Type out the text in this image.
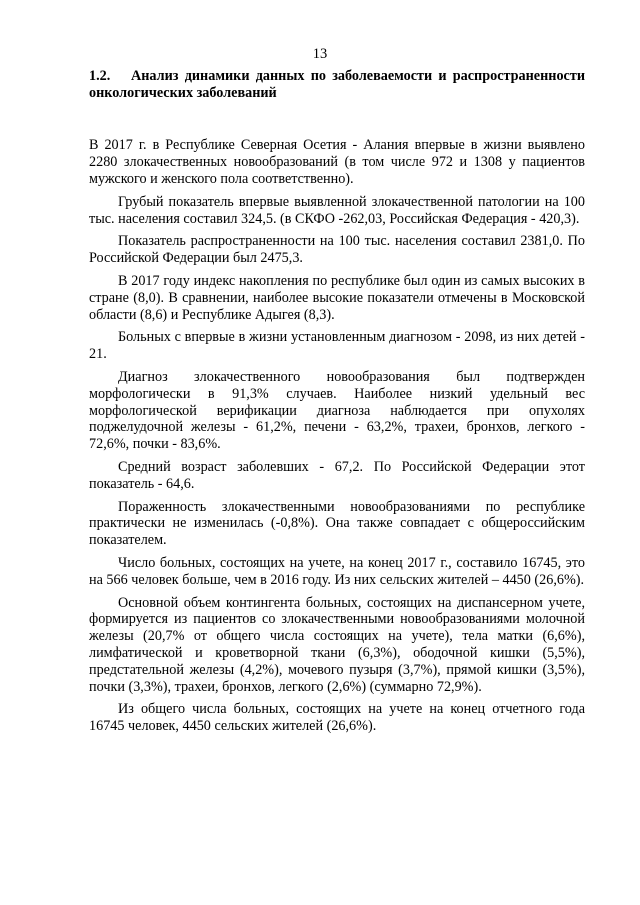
13
1.2. Анализ динамики данных по заболеваемости и распространенности онкологических заболеваний

В 2017 г. в Республике Северная Осетия - Алания впервые в жизни выявлено 2280 злокачественных новообразований (в том числе 972 и 1308 у пациентов мужского и женского пола соответственно).

Грубый показатель впервые выявленной злокачественной патологии на 100 тыс. населения составил 324,5. (в СКФО -262,03, Российская Федерация - 420,3).

Показатель распространенности на 100 тыс. населения составил 2381,0. По Российской Федерации был 2475,3.

В 2017 году индекс накопления по республике был один из самых высоких в стране (8,0). В сравнении, наиболее высокие показатели отмечены в Московской области (8,6) и Республике Адыгея (8,3).

Больных с впервые в жизни установленным диагнозом - 2098, из них детей - 21.

Диагноз злокачественного новообразования был подтвержден морфологически в 91,3% случаев. Наиболее низкий удельный вес морфологической верификации диагноза наблюдается при опухолях поджелудочной железы - 61,2%, печени - 63,2%, трахеи, бронхов, легкого - 72,6%, почки - 83,6%.

Средний возраст заболевших - 67,2. По Российской Федерации этот показатель - 64,6.

Пораженность злокачественными новообразованиями по республике практически не изменилась (-0,8%). Она также совпадает с общероссийским показателем.

Число больных, состоящих на учете, на конец 2017 г., составило 16745, это на 566 человек больше, чем в 2016 году. Из них сельских жителей – 4450 (26,6%).

Основной объем контингента больных, состоящих на диспансерном учете, формируется из пациентов со злокачественными новообразованиями молочной железы (20,7% от общего числа состоящих на учете), тела матки (6,6%), лимфатической и кроветворной ткани (6,3%), ободочной кишки (5,5%), предстательной железы (4,2%), мочевого пузыря (3,7%), прямой кишки (3,5%), почки (3,3%), трахеи, бронхов, легкого (2,6%) (суммарно 72,9%).

Из общего числа больных, состоящих на учете на конец отчетного года 16745 человек, 4450 сельских жителей (26,6%).
